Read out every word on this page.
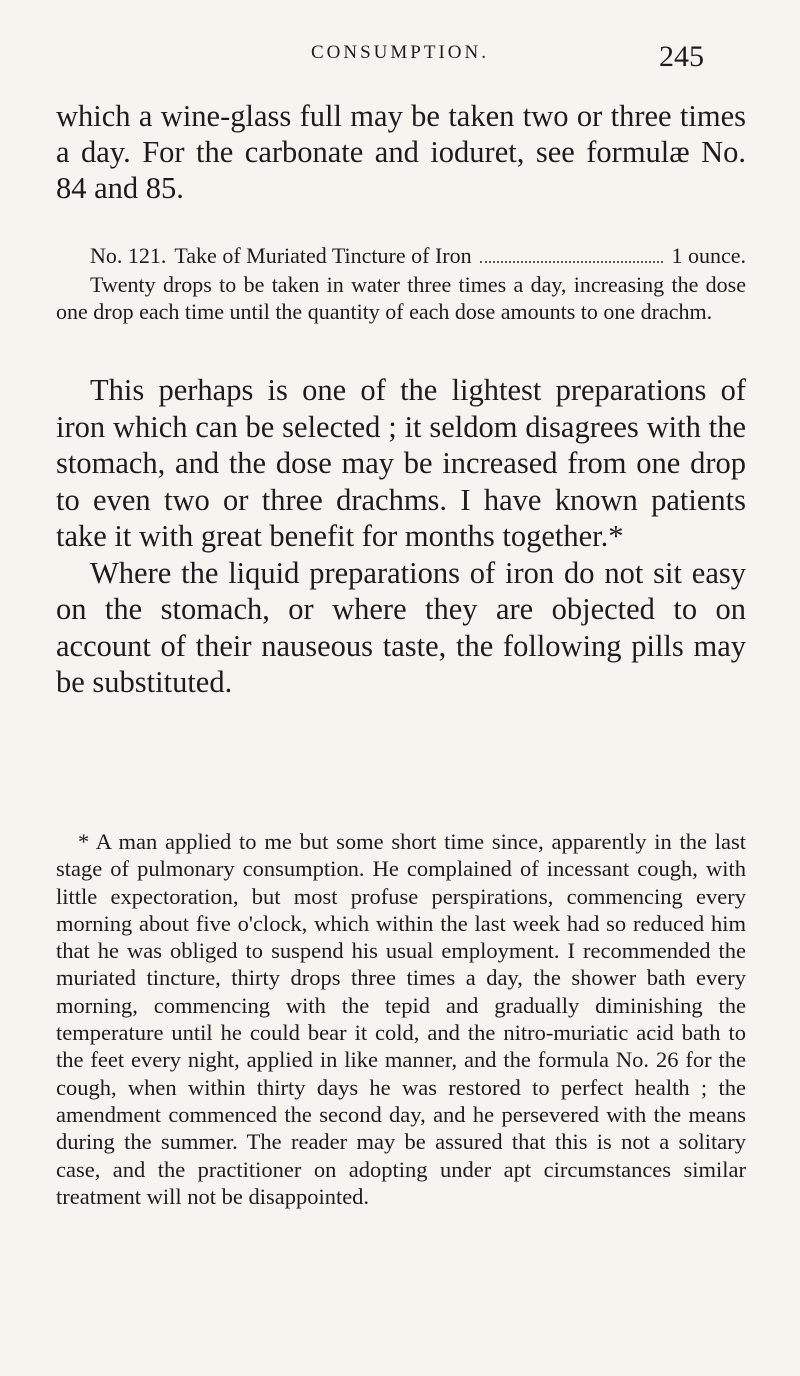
CONSUMPTION.	245

which a wine-glass full may be taken two or three times a day. For the carbonate and ioduret, see formulæ No. 84 and 85.

No. 121. Take of Muriated Tincture of Iron	1 ounce.

Twenty drops to be taken in water three times a day, increasing the dose one drop each time until the quantity of each dose amounts to one drachm.

This perhaps is one of the lightest preparations of iron which can be selected ; it seldom disagrees with the stomach, and the dose may be increased from one drop to even two or three drachms. I have known patients take it with great benefit for months together.*

Where the liquid preparations of iron do not sit easy on the stomach, or where they are objected to on account of their nauseous taste, the following pills may be substituted.

* A man applied to me but some short time since, apparently in the last stage of pulmonary consumption. He complained of incessant cough, with little expectoration, but most profuse perspirations, commencing every morning about five o'clock, which within the last week had so reduced him that he was obliged to suspend his usual employment. I recommended the muriated tincture, thirty drops three times a day, the shower bath every morning, commencing with the tepid and gradually diminishing the temperature until he could bear it cold, and the nitro-muriatic acid bath to the feet every night, applied in like manner, and the formula No. 26 for the cough, when within thirty days he was restored to perfect health ; the amendment commenced the second day, and he persevered with the means during the summer. The reader may be assured that this is not a solitary case, and the practitioner on adopting under apt circumstances similar treatment will not be disappointed.
